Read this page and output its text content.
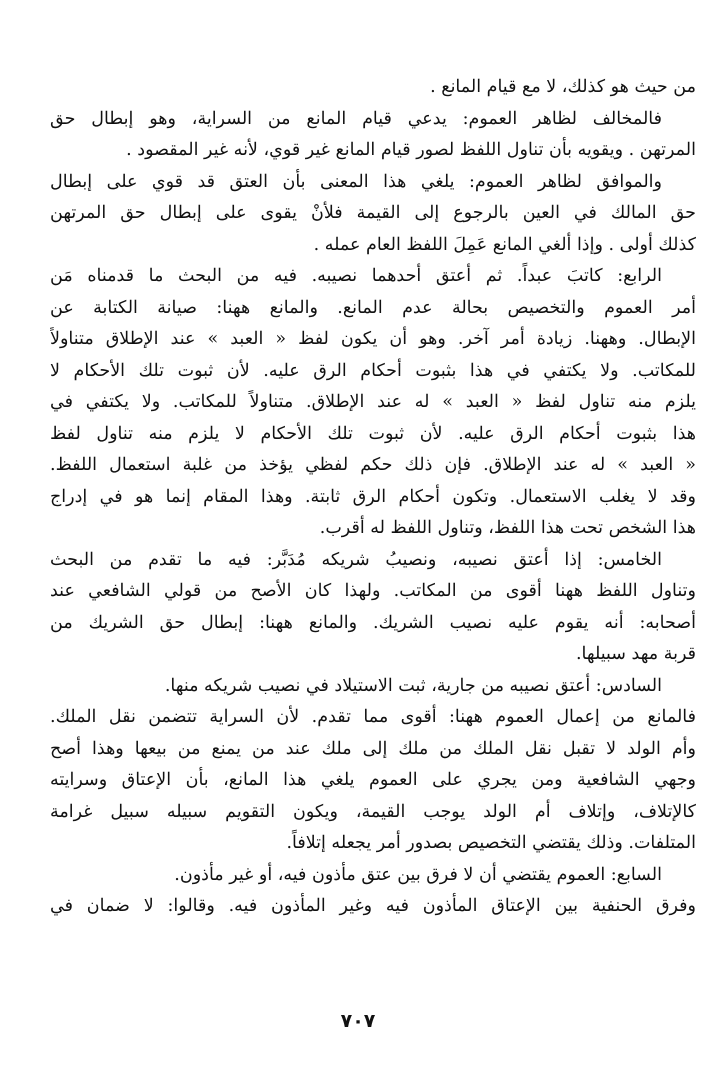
من حيث هو كذلك، لا مع قيام المانع .
فالمخالف لظاهر العموم: يدعي قيام المانع من السراية، وهو إبطال حق
المرتهن . ويقويه بأن تناول اللفظ لصور قيام المانع غير قوي، لأنه غير المقصود .
والموافق لظاهر العموم: يلغي هذا المعنى بأن العتق قد قوي على إبطال
حق المالك في العين بالرجوع إلى القيمة فلأنْ يقوى على إبطال حق المرتهن
كذلك أولى . وإذا ألغي المانع عَمِلَ اللفظ العام عمله .
الرابع: كاتبَ عبداً. ثم أعتق أحدهما نصيبه. فيه من البحث ما قدمناه مَن
أمر العموم والتخصيص بحالة عدم المانع. والمانع ههنا: صيانة الكتابة عن
الإبطال. وههنا. زيادة أمر آخر. وهو أن يكون لفظ « العبد » عند الإطلاق متناولاً
للمكاتب. ولا يكتفي في هذا بثبوت أحكام الرق عليه. لأن ثبوت تلك الأحكام لا
يلزم منه تناول لفظ « العبد » له عند الإطلاق. متناولاً للمكاتب. ولا يكتفي في
هذا بثبوت أحكام الرق عليه. لأن ثبوت تلك الأحكام لا يلزم منه تناول لفظ
« العبد » له عند الإطلاق. فإن ذلك حكم لفظي يؤخذ من غلبة استعمال اللفظ.
وقد لا يغلب الاستعمال. وتكون أحكام الرق ثابتة. وهذا المقام إنما هو في إدراج
هذا الشخص تحت هذا اللفظ، وتناول اللفظ له أقرب.
الخامس: إذا أعتق نصيبه، ونصيبُ شريكه مُدَبَّر: فيه ما تقدم من البحث
وتناول اللفظ ههنا أقوى من المكاتب. ولهذا كان الأصح من قولي الشافعي عند
أصحابه: أنه يقوم عليه نصيب الشريك. والمانع ههنا: إبطال حق الشريك من
قربة مهد سبيلها.
السادس: أعتق نصيبه من جارية، ثبت الاستيلاد في نصيب شريكه منها.
فالمانع من إعمال العموم ههنا: أقوى مما تقدم. لأن السراية تتضمن نقل الملك.
وأم الولد لا تقبل نقل الملك من ملك إلى ملك عند من يمنع من بيعها وهذا أصح
وجهي الشافعية ومن يجري على العموم يلغي هذا المانع، بأن الإعتاق وسرايته
كالإتلاف، وإتلاف أم الولد يوجب القيمة، ويكون التقويم سبيله سبيل غرامة
المتلفات. وذلك يقتضي التخصيص بصدور أمر يجعله إتلافاً.
السابع: العموم يقتضي أن لا فرق بين عتق مأذون فيه، أو غير مأذون.
وفرق الحنفية بين الإعتاق المأذون فيه وغير المأذون فيه. وقالوا: لا ضمان في
٧٠٧
